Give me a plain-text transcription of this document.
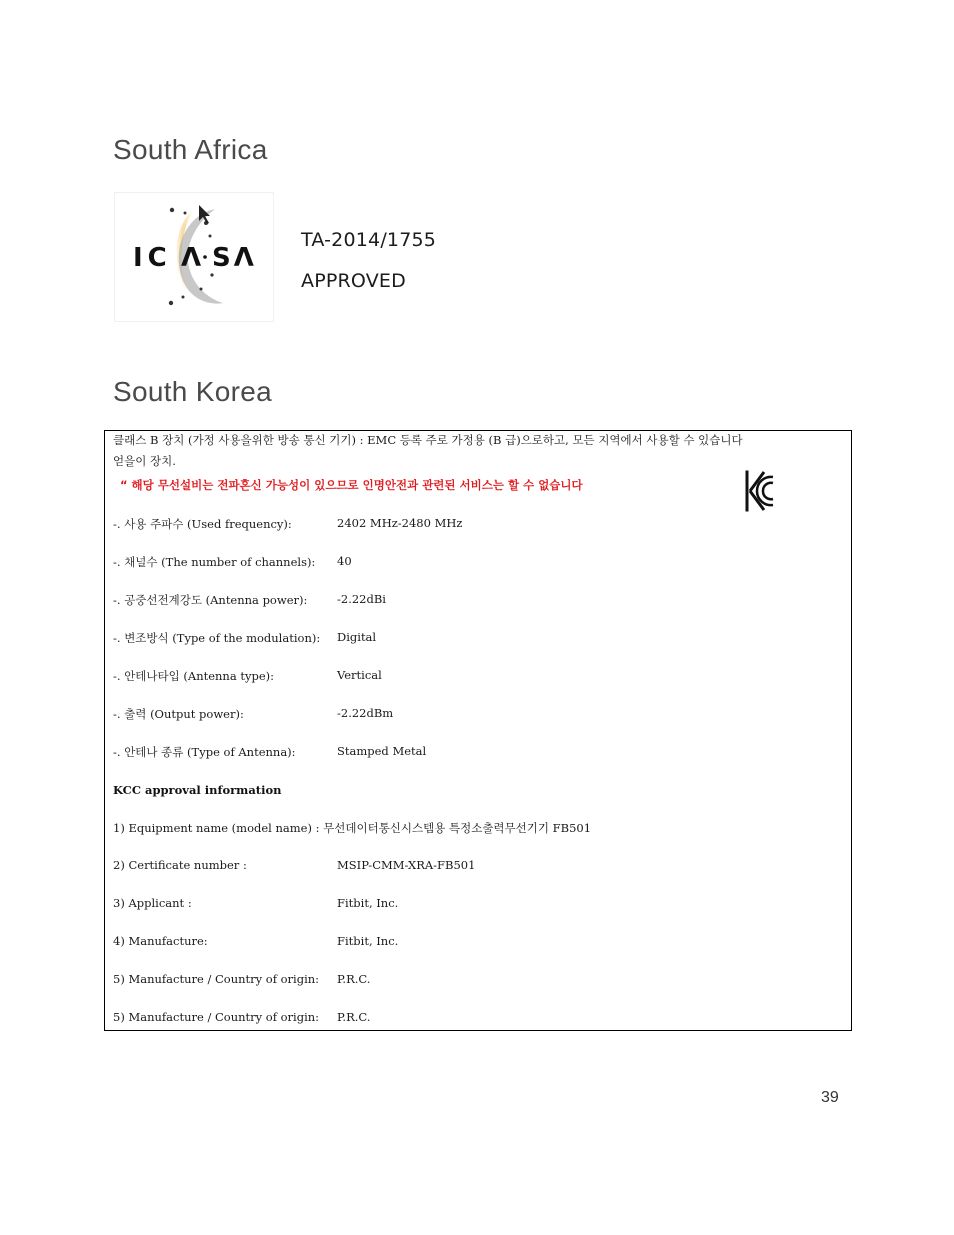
South Africa
IC Λ SΛ
TA-2014/1755
APPROVED
South Korea
클래스 B 장치 (가정 사용을위한 방송 통신 기기) : EMC 등록 주로 가정용 (B 급)으로하고, 모든 지역에서 사용할 수 있습니다
얻을이 장치.
“ 해당 무선설비는 전파혼신 가능성이 있으므로 인명안전과 관련된 서비스는 할 수 없습니다
-. 사용 주파수 (Used frequency):	2402 MHz-2480 MHz
-. 채널수 (The number of channels): 40
-. 공중선전계강도 (Antenna power):	-2.22dBi
-. 변조방식 (Type of the modulation): Digital
-. 안테나타입 (Antenna type):	Vertical
-. 출력 (Output power):	-2.22dBm
-. 안테나 종류 (Type of Antenna):	Stamped Metal
KCC approval information
1) Equipment name (model name) : 무선데이터통신시스템용 특정소출력무선기기 FB501
2) Certificate number :	MSIP-CMM-XRA-FB501
3) Applicant :	Fitbit, Inc.
4) Manufacture:	Fitbit, Inc.
5) Manufacture / Country of origin: P.R.C.
5) Manufacture / Country of origin: P.R.C.
39
